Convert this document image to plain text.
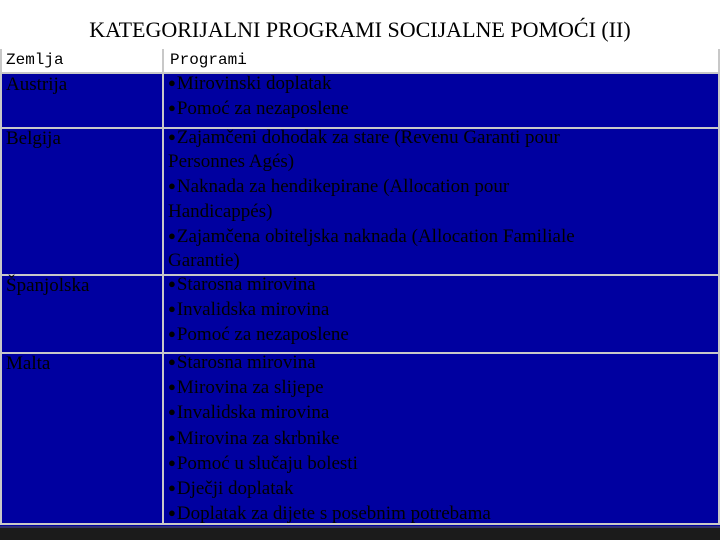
KATEGORIJALNI PROGRAMI SOCIJALNE POMOĆI (II)
Zemlja	Programi
Austrija	●Mirovinski doplatak
●Pomoć za nezaposlene
Belgija	●Zajamčeni dohodak za stare (Revenu Garanti pour
Personnes Agés)
●Naknada za hendikepirane (Allocation pour
Handicappés)
●Zajamčena obiteljska naknada (Allocation Familiale
Garantie)
Španjolska	●Starosna mirovina
●Invalidska mirovina
●Pomoć za nezaposlene
Malta	●Starosna mirovina
●Mirovina za slijepe
●Invalidska mirovina
●Mirovina za skrbnike
●Pomoć u slučaju bolesti
●Dječji doplatak
●Doplatak za dijete s posebnim potrebama
